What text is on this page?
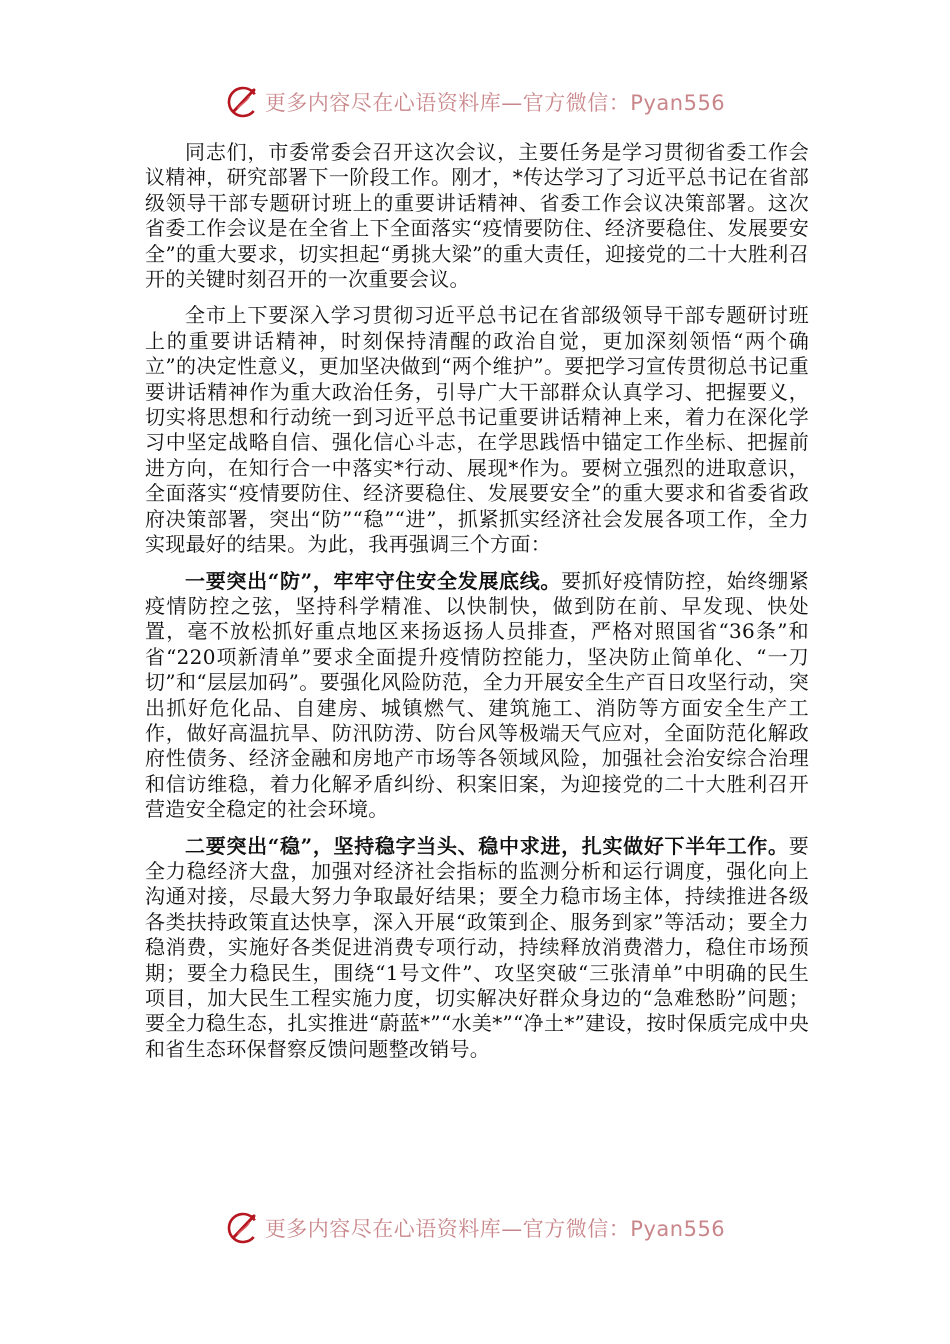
更多内容尽在心语资料库—官方微信：Pyan556

同志们，市委常委会召开这次会议，主要任务是学习贯彻省委工作会议精神，研究部署下一阶段工作。刚才，*传达学习了习近平总书记在省部级领导干部专题研讨班上的重要讲话精神、省委工作会议决策部署。这次省委工作会议是在全省上下全面落实“疫情要防住、经济要稳住、发展要安全”的重大要求，切实担起“勇挑大梁”的重大责任，迎接党的二十大胜利召开的关键时刻召开的一次重要会议。

全市上下要深入学习贯彻习近平总书记在省部级领导干部专题研讨班上的重要讲话精神，时刻保持清醒的政治自觉，更加深刻领悟“两个确立”的决定性意义，更加坚决做到“两个维护”。要把学习宣传贯彻总书记重要讲话精神作为重大政治任务，引导广大干部群众认真学习、把握要义，切实将思想和行动统一到习近平总书记重要讲话精神上来，着力在深化学习中坚定战略自信、强化信心斗志，在学思践悟中锚定工作坐标、把握前进方向，在知行合一中落实*行动、展现*作为。要树立强烈的进取意识，全面落实“疫情要防住、经济要稳住、发展要安全”的重大要求和省委省政府决策部署，突出“防”“稳”“进”，抓紧抓实经济社会发展各项工作，全力实现最好的结果。为此，我再强调三个方面：

一要突出“防”，牢牢守住安全发展底线。要抓好疫情防控，始终绷紧疫情防控之弦，坚持科学精准、以快制快，做到防在前、早发现、快处置，毫不放松抓好重点地区来扬返扬人员排查，严格对照国省“36条”和省“220项新清单”要求全面提升疫情防控能力，坚决防止简单化、“一刀切”和“层层加码”。要强化风险防范，全力开展安全生产百日攻坚行动，突出抓好危化品、自建房、城镇燃气、建筑施工、消防等方面安全生产工作，做好高温抗旱、防汛防涝、防台风等极端天气应对，全面防范化解政府性债务、经济金融和房地产市场等各领域风险，加强社会治安综合治理和信访维稳，着力化解矛盾纠纷、积案旧案，为迎接党的二十大胜利召开营造安全稳定的社会环境。

二要突出“稳”，坚持稳字当头、稳中求进，扎实做好下半年工作。要全力稳经济大盘，加强对经济社会指标的监测分析和运行调度，强化向上沟通对接，尽最大努力争取最好结果；要全力稳市场主体，持续推进各级各类扶持政策直达快享，深入开展“政策到企、服务到家”等活动；要全力稳消费，实施好各类促进消费专项行动，持续释放消费潜力，稳住市场预期；要全力稳民生，围绕“1号文件”、攻坚突破“三张清单”中明确的民生项目，加大民生工程实施力度，切实解决好群众身边的“急难愁盼”问题；要全力稳生态，扎实推进“蔚蓝*”“水美*”“净土*”建设，按时保质完成中央和省生态环保督察反馈问题整改销号。

更多内容尽在心语资料库—官方微信：Pyan556
